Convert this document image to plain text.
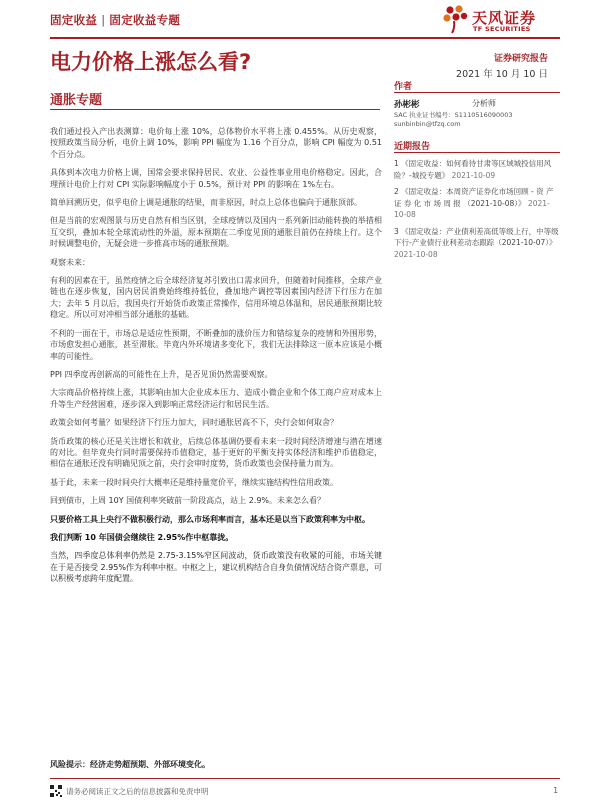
固定收益 | 固定收益专题	天风证券
TF SECURITIES
电力价格上涨怎么看?	证券研究报告
2021 年 10 月 10 日
通胀专题
作者
孙彬彬	分析师
SAC 执业证书编号：S1110516090003
sunbinbin@tfzq.com
近期报告
1 《固定收益：如何看待甘肃等区域城投信用风险？-城投专题》 2021-10-09
2 《固定收益：本周资产证券化市场回顾 - 资 产 证 券 化 市 场 周 报 （2021-10-08）》 2021-10-08
3 《固定收益：产业债利差高低等级上行，中等级下行-产业债行业利差动态跟踪（2021-10-07）》 2021-10-08

我们通过投入产出表测算：电价每上涨 10%，总体物价水平将上涨 0.455%。从历史观察，按照政策当局分析，电价上调 10%，影响 PPI 幅度为 1.16 个百分点，影响 CPI 幅度为 0.51 个百分点。

具体到本次电力价格上调，国常会要求保持居民、农业、公益性事业用电价格稳定。因此，合理预计电价上行对 CPI 实际影响幅度小于 0.5%，预计对 PPI 的影响在 1%左右。

简单回溯历史，似乎电价上调是通胀的结果，而非原因，时点上总体也偏向于通胀顶部。

但是当前的宏观图景与历史自然有相当区别，全球疫情以及国内一系列新旧动能转换的举措相互交织，叠加本轮全球流动性的外溢，原本预期在二季度见顶的通胀目前仍在持续上行。这个时候调整电价，无疑会进一步推高市场的通胀预期。

观察未来：

有利的因素在于，虽然疫情之后全球经济复苏引致出口需求回升，但随着时间推移，全球产业链也在逐步恢复，国内居民消费始终维持低位，叠加地产调控等因素国内经济下行压力在加大；去年 5 月以后，我国央行开始货币政策正常操作，信用环境总体温和，居民通胀预期比较稳定。所以可对冲相当部分通胀的基础。

不利的一面在于，市场总是适应性预期，不断叠加的涨价压力和错综复杂的疫情和外围形势，市场愈发担心通胀，甚至滞胀。毕竟内外环境诸多变化下，我们无法排除这一原本应该是小概率的可能性。

PPI 四季度再创新高的可能性在上升，是否见顶仍然需要观察。

大宗商品价格持续上涨，其影响由加大企业成本压力、造成小微企业和个体工商户应对成本上升等生产经营困难，逐步深入到影响正常经济运行和居民生活。

政策会如何考量？如果经济下行压力加大，同时通胀居高不下，央行会如何取舍？

货币政策的核心还是关注增长和就业，后续总体基调仍要看未来一段时间经济增速与潜在增速的对比。但毕竟央行同时需要保持币值稳定，基于更好的平衡支持实体经济和维护币值稳定，相信在通胀还没有明确见顶之前，央行会审时度势，货币政策也会保持量力而为。

基于此，未来一段时间央行大概率还是维持量宽价平，继续实施结构性信用政策。

回到债市，上周 10Y 国债利率突破前一阶段高点，站上 2.9%。未来怎么看？

只要价格工具上央行不做积极行动，那么市场利率而言，基本还是以当下政策利率为中枢。

我们判断 10 年国债会继续往 2.95%作中枢靠拢。

当然，四季度总体利率仍然是 2.75-3.15%窄区间波动，货币政策没有收紧的可能，市场关键在于是否接受 2.95%作为利率中枢。中枢之上，建议机构结合自身负债情况结合资产票息，可以积极考虑跨年度配置。

风险提示：经济走势超预期、外部环境变化。
请务必阅读正文之后的信息披露和免责申明	1
